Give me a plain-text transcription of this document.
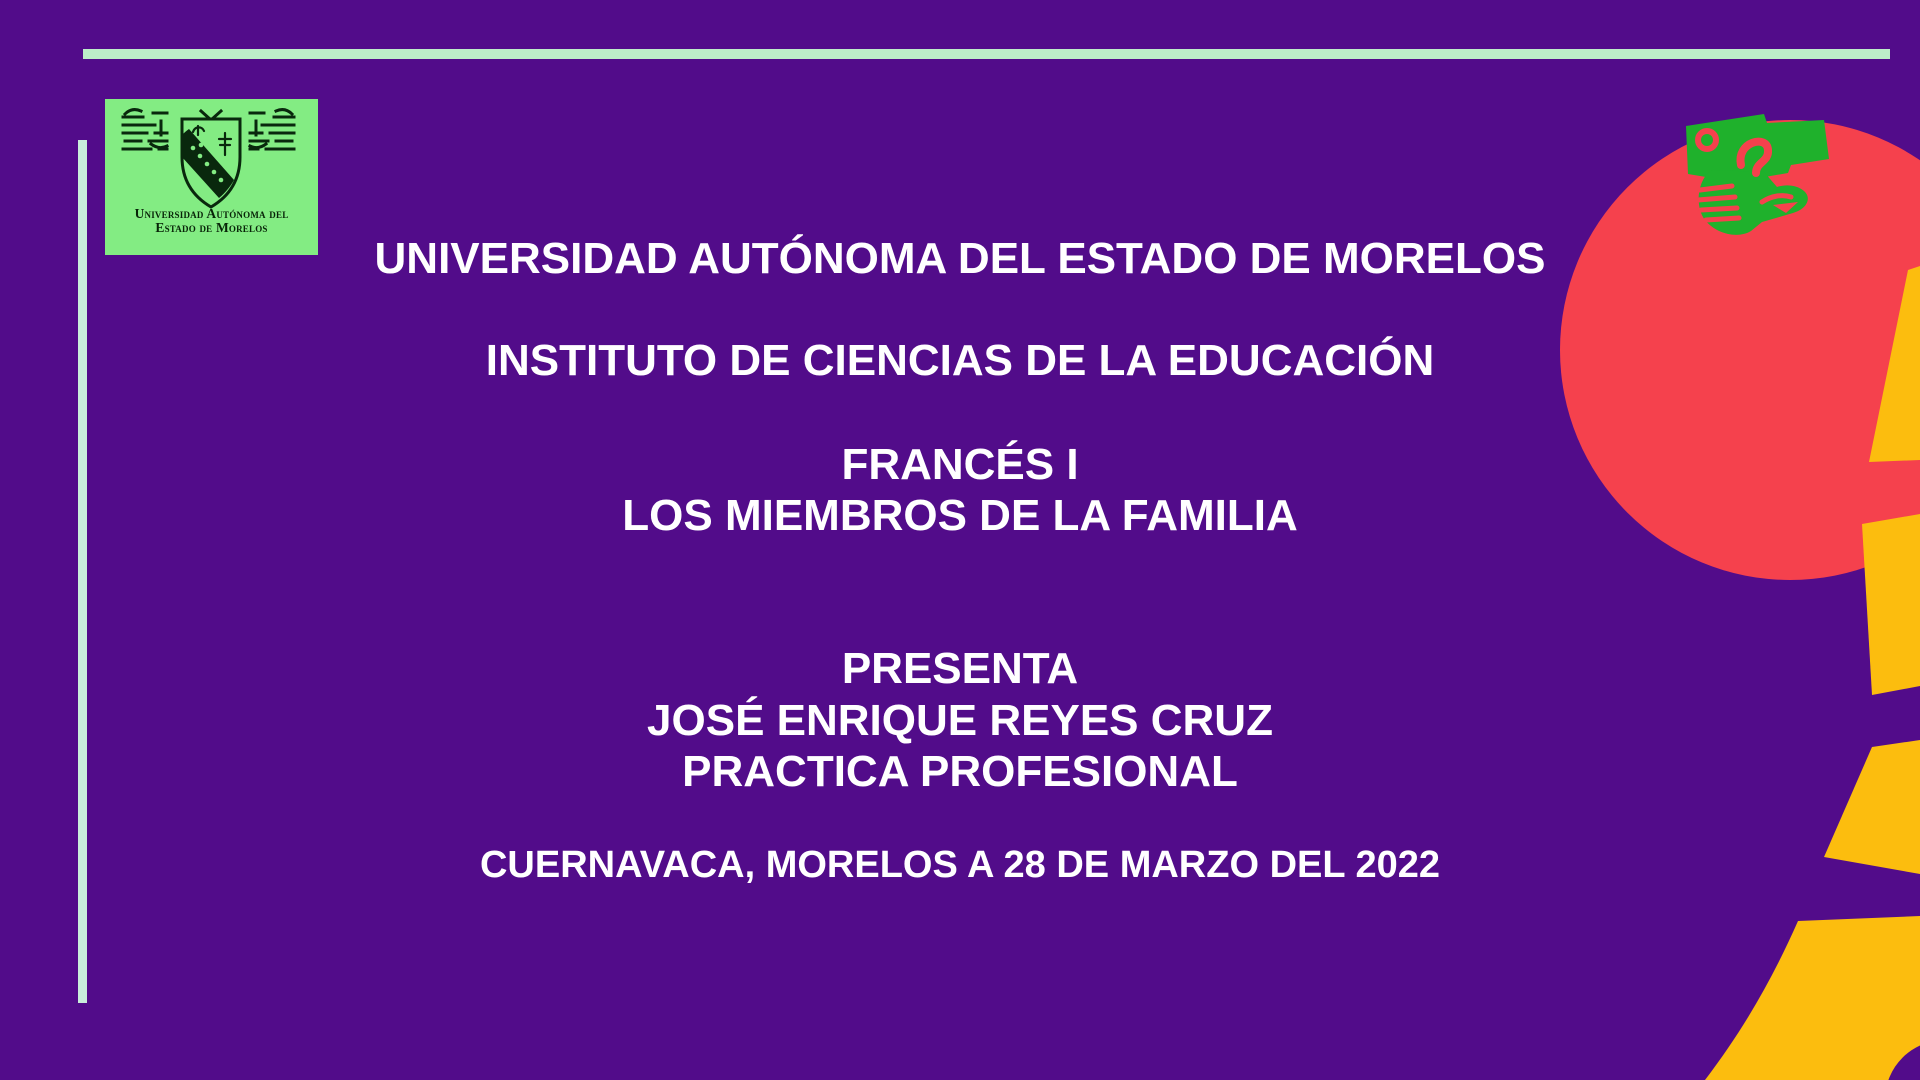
Universidad Autónoma del
Estado de Morelos
UNIVERSIDAD AUTÓNOMA DEL ESTADO DE MORELOS
INSTITUTO DE CIENCIAS DE LA EDUCACIÓN
FRANCÉS I
LOS MIEMBROS DE LA FAMILIA
PRESENTA
JOSÉ ENRIQUE REYES CRUZ
PRACTICA PROFESIONAL
CUERNAVACA, MORELOS A 28 DE MARZO DEL 2022
